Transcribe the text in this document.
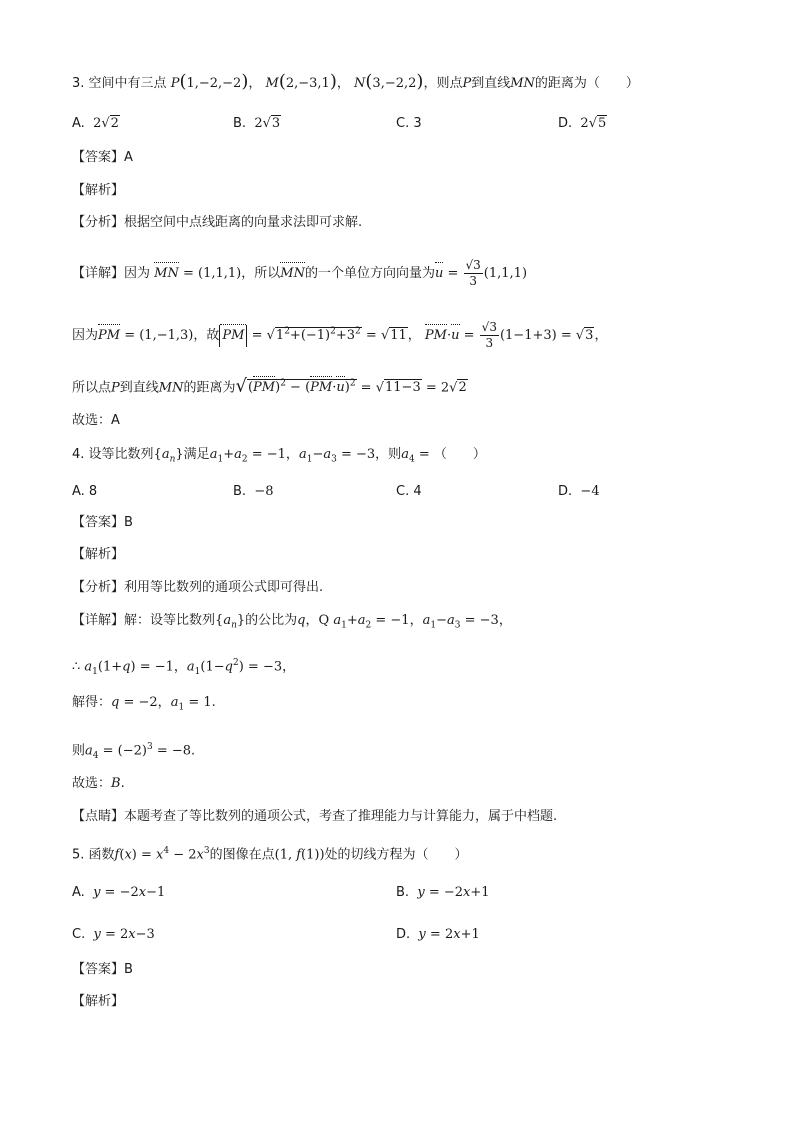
3. 空间中有三点 P(1,−2,−2)， M(2,−3,1)， N(3,−2,2)，则点P到直线MN的距离为（　　）
A. 2√2	B. 2√3	C. 3	D. 2√5
【答案】A
【解析】
【分析】根据空间中点线距离的向量求法即可求解.
【详解】因为 MN = (1,1,1)，所以MN的一个单位方向向量为$u = \frac{√3}{3} (1,1,1)$
因为PM = (1,−1,3)，故 PM = $√1^2+(-1)^2+3^2 = √11$， $PM\cdot u = \frac{√3}{3} (1-1+3) = √3$，
所以点P到直线MN的距离为$√(PM)^2 - (PM\cdot u)^2 = √11-3 = 2√2$
故选：A
4. 设等比数列$\{a_n\}$满足$a_1+a_2 = -1$，$a_1-a_3 = -3$，则$a_4$ = （　　）
A. 8	B. −8	C. 4	D. −4
【答案】B
【解析】
【分析】利用等比数列的通项公式即可得出.
【详解】解：设等比数列$\{a_n\}$的公比为q，Q $a_1+a_2 = -1$，$a_1-a_3 = -3$，
∴ $a_1(1+q) = -1$，$a_1(1-q^2) = -3$，
解得：q = −2，$a_1 = 1$.
则$a_4 = (-2)^3 = -8$.
故选：B.
【点睛】本题考查了等比数列的通项公式，考查了推理能力与计算能力，属于中档题.
5. 函数$f(x) = x^4 - 2x^3$的图像在点(1, f(1))处的切线方程为（　　）
A. y = −2x−1	B. y = −2x+1
C. y = 2x−3	D. y = 2x+1
【答案】B
【解析】
